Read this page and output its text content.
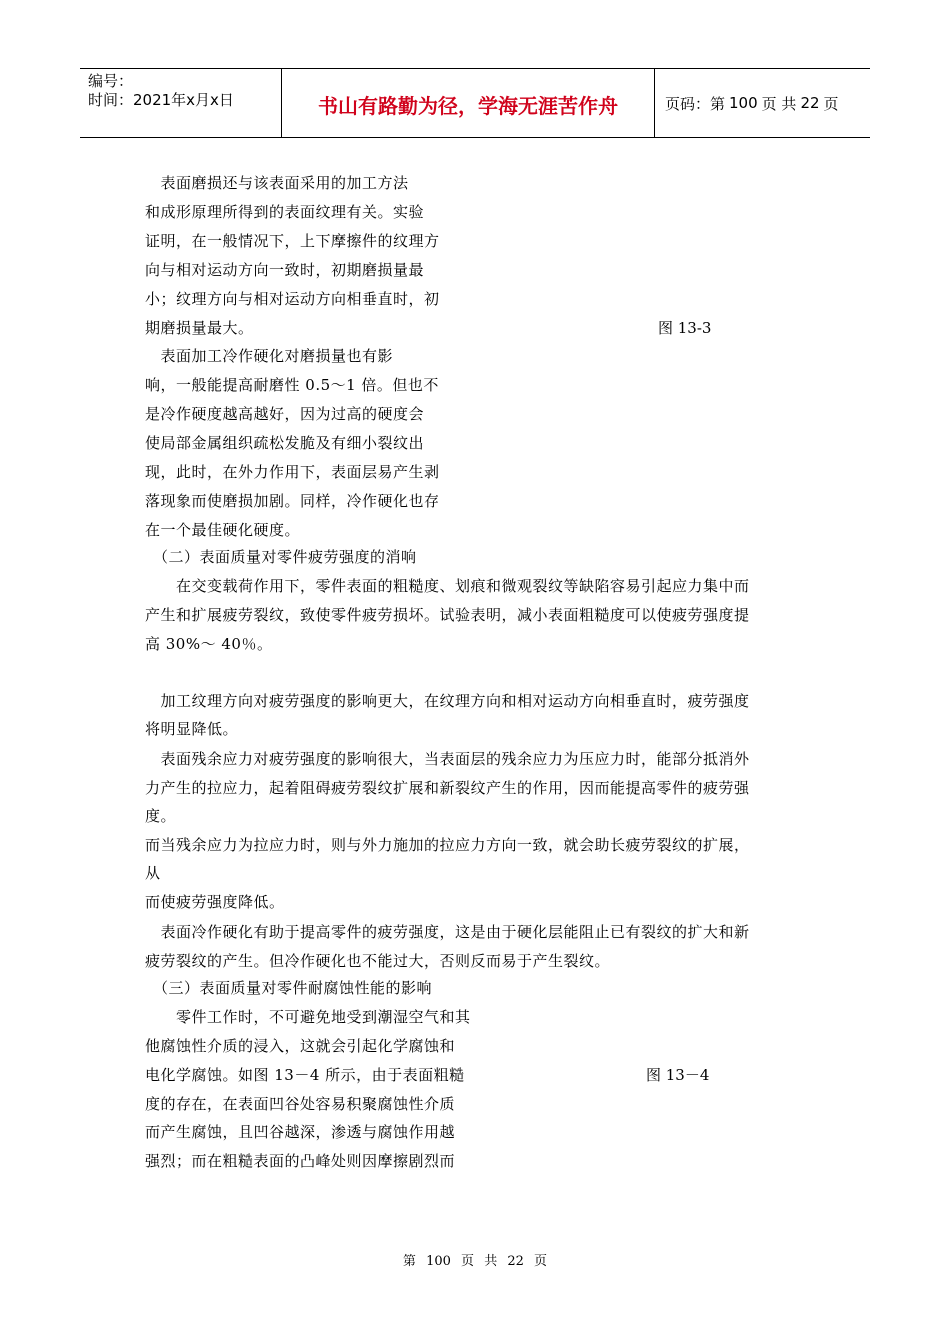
编号：
时间：2021年x月x日	书山有路勤为径，学海无涯苦作舟	页码：第 100 页 共 22 页
　表面磨损还与该表面采用的加工方法
和成形原理所得到的表面纹理有关。实验
证明，在一般情况下，上下摩擦件的纹理方
向与相对运动方向一致时，初期磨损量最
小；纹理方向与相对运动方向相垂直时，初
期磨损量最大。
　表面加工冷作硬化对磨损量也有影
响，一般能提高耐磨性 0.5～1 倍。但也不
是冷作硬度越高越好，因为过高的硬度会
使局部金属组织疏松发脆及有细小裂纹出
现，此时，在外力作用下，表面层易产生剥
落现象而使磨损加剧。同样，冷作硬化也存
在一个最佳硬化硬度。
　（二）表面质量对零件疲劳强度的消响
　　在交变载荷作用下，零件表面的粗糙度、划痕和微观裂纹等缺陷容易引起应力集中而
产生和扩展疲劳裂纹，致使零件疲劳损坏。试验表明，减小表面粗糙度可以使疲劳强度提
高 30%～ 40％。
　加工纹理方向对疲劳强度的影响更大，在纹理方向和相对运动方向相垂直时，疲劳强度
将明显降低。
　表面残余应力对疲劳强度的影响很大，当表面层的残余应力为压应力时，能部分抵消外
力产生的拉应力，起着阻碍疲劳裂纹扩展和新裂纹产生的作用，因而能提高零件的疲劳强
度。
而当残余应力为拉应力时，则与外力施加的拉应力方向一致，就会助长疲劳裂纹的扩展，
从
而使疲劳强度降低。
　表面冷作硬化有助于提高零件的疲劳强度，这是由于硬化层能阻止已有裂纹的扩大和新
疲劳裂纹的产生。但冷作硬化也不能过大，否则反而易于产生裂纹。
　（三）表面质量对零件耐腐蚀性能的影响
　　零件工作时，不可避免地受到潮湿空气和其
他腐蚀性介质的浸入，这就会引起化学腐蚀和
电化学腐蚀。如图 13－4 所示，由于表面粗糙
度的存在，在表面凹谷处容易积聚腐蚀性介质
而产生腐蚀，且凹谷越深，渗透与腐蚀作用越
强烈；而在粗糙表面的凸峰处则因摩擦剧烈而
图 13-3
图 13－4
第 100 页 共 22 页
